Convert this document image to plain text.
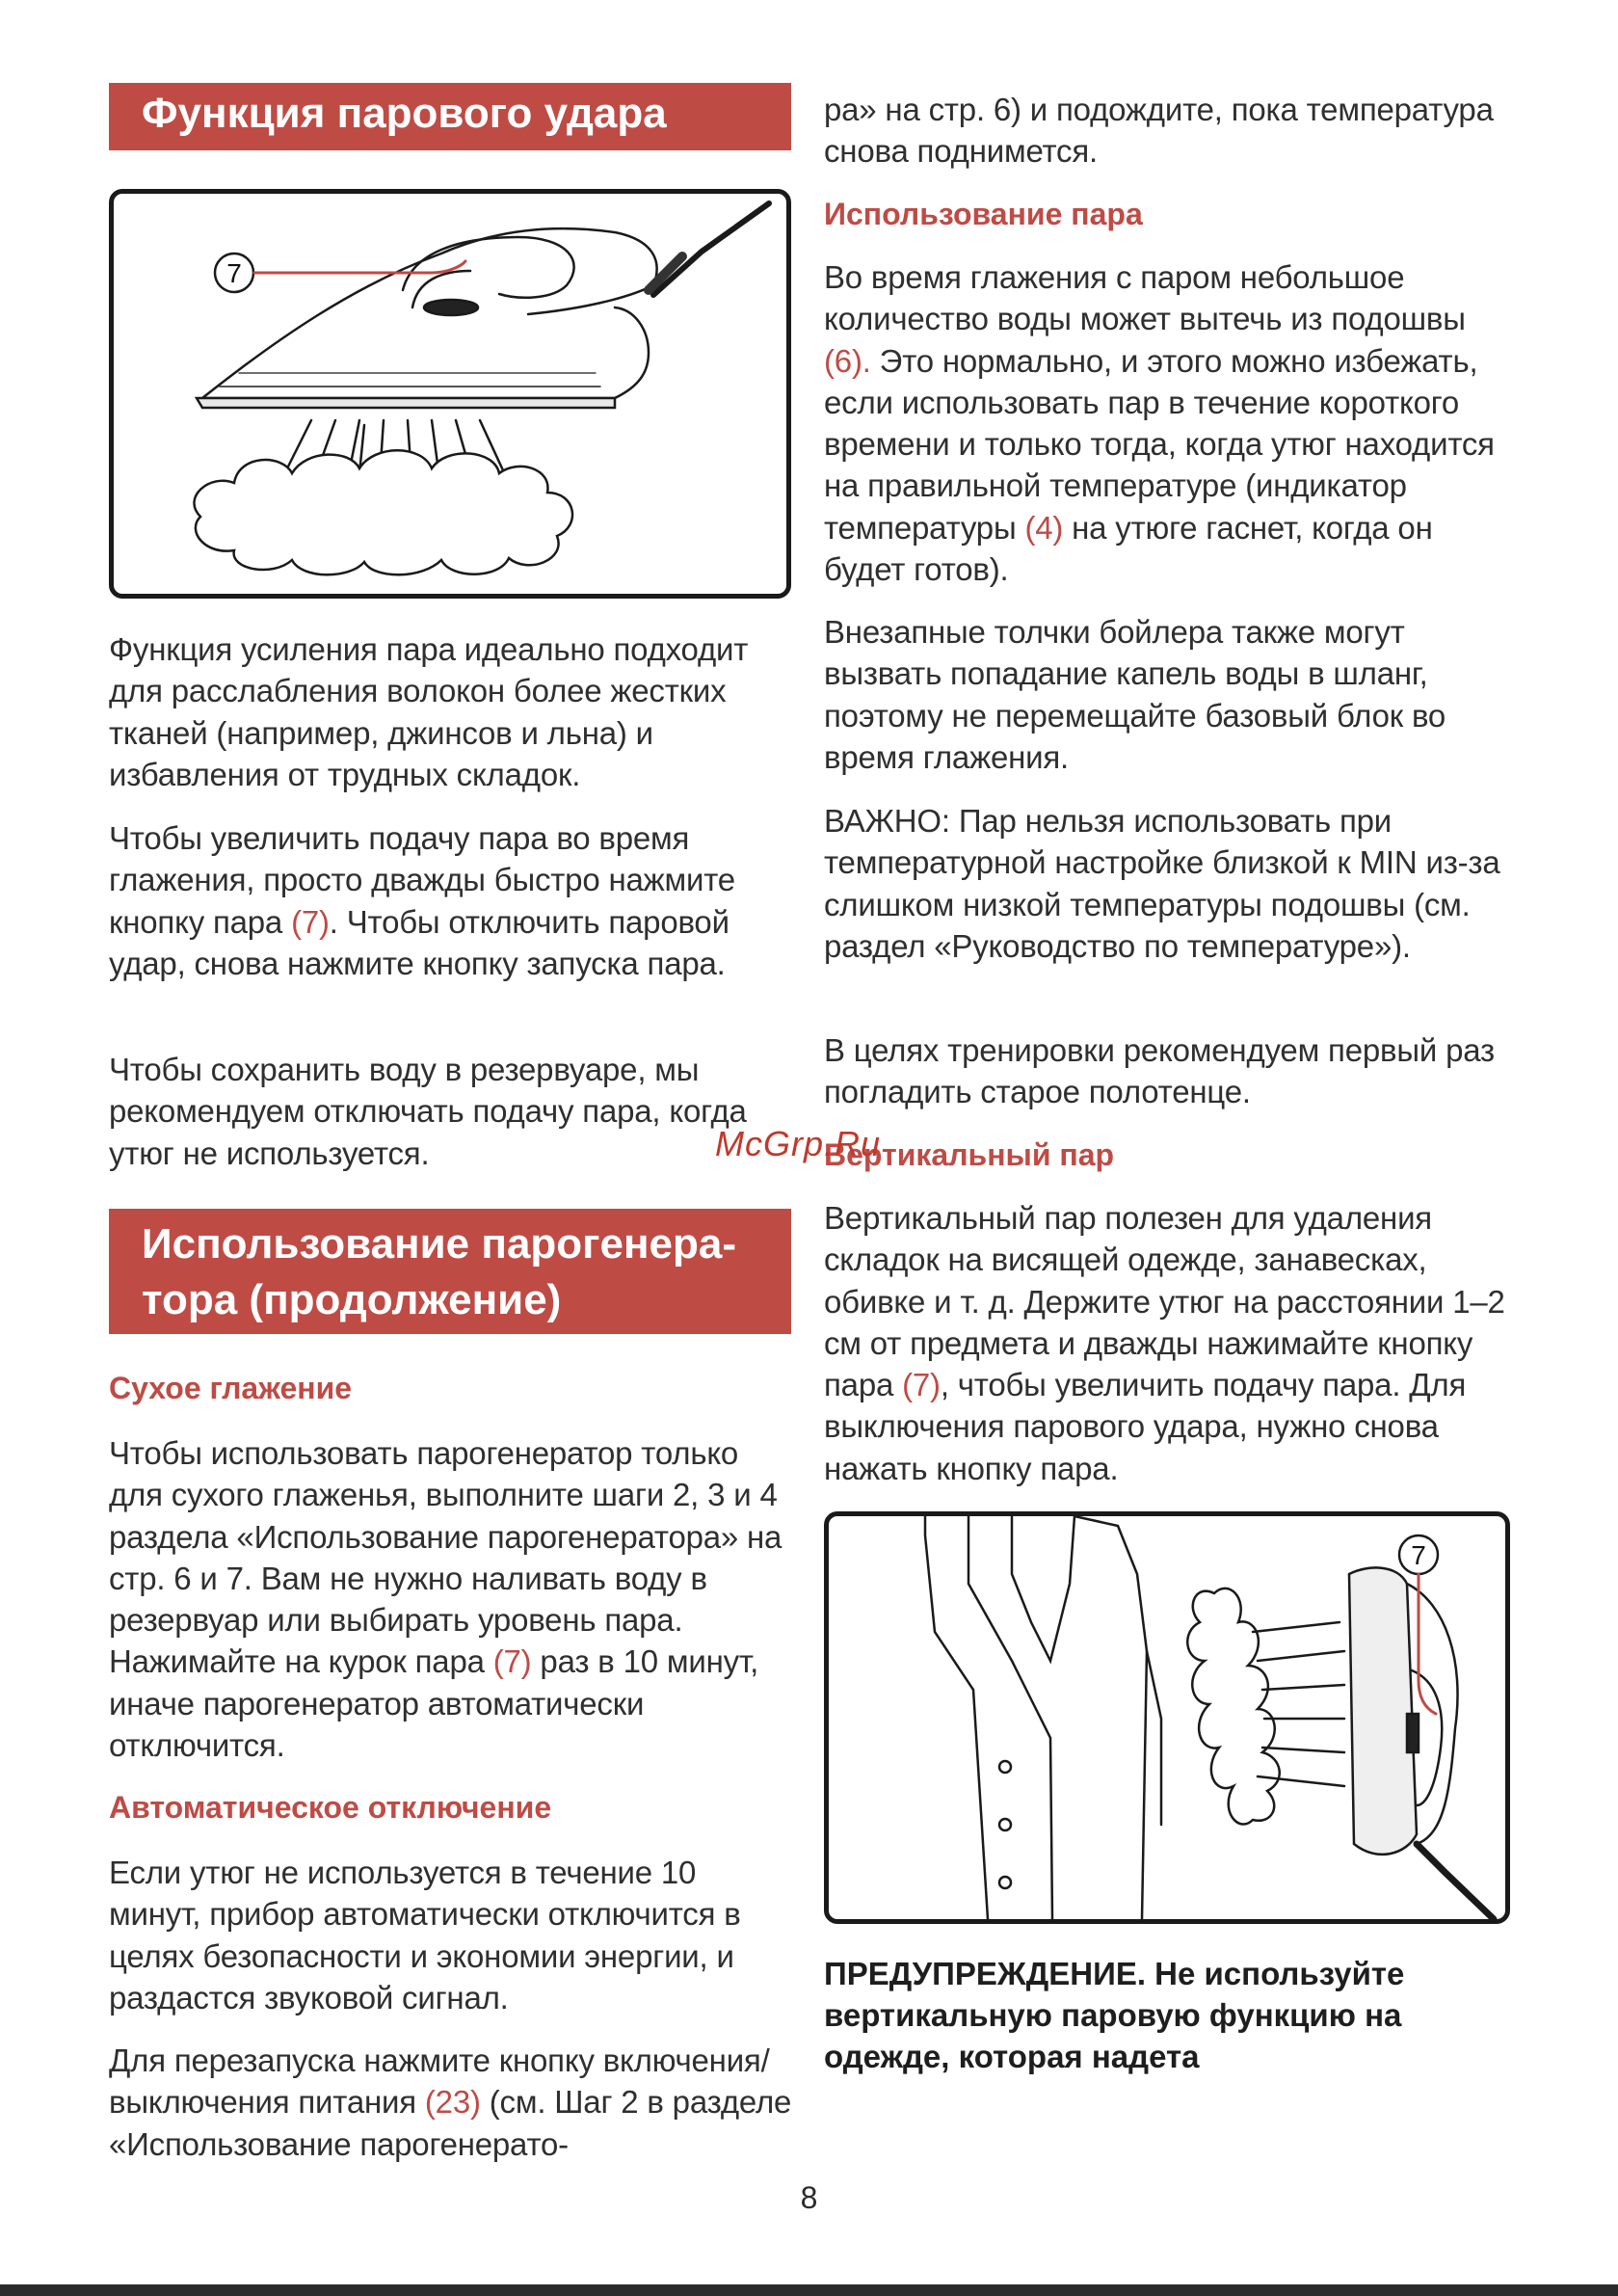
Функция парового удара
7

Функция усиления пара идеально подходит для расслабления волокон более жестких тканей (например, джинсов и льна) и избавления от трудных складок.

Чтобы увеличить подачу пара во время глажения, просто дважды быстро нажмите кнопку пара (7). Чтобы отключить паровой удар, снова нажмите кнопку запуска пара.

Чтобы сохранить воду в резервуаре, мы рекомендуем отключать подачу пара, когда утюг не используется.

Использование парогенера-
тора (продолжение)
Сухое глажение

Чтобы использовать парогенератор только для сухого глаженья, выполните шаги 2, 3 и 4 раздела «Использование парогенератора» на стр. 6 и 7. Вам не нужно наливать воду в резервуар или выбирать уровень пара. Нажимайте на курок пара (7) раз в 10 минут, иначе парогенератор автоматически отключится.

Автоматическое отключение

Если утюг не используется в течение 10 минут, прибор автоматически отключится в целях безопасности и экономии энергии, и раздастся звуковой сигнал.

Для перезапуска нажмите кнопку включения/выключения питания (23) (см. Шаг 2 в разделе «Использование парогенерато-

ра» на стр. 6) и подождите, пока температура снова поднимется.

Использование пара

Во время глажения с паром небольшое количество воды может вытечь из подошвы (6). Это нормально, и этого можно избежать, если использовать пар в течение короткого времени и только тогда, когда утюг находится на правильной температуре (индикатор температуры (4) на утюге гаснет, когда он будет готов).

Внезапные толчки бойлера также могут вызвать попадание капель воды в шланг, поэтому не перемещайте базовый блок во время глажения.

ВАЖНО: Пар нельзя использовать при температурной настройке близкой к MIN из-за слишком низкой температуры подошвы (см. раздел «Руководство по температуре»).

В целях тренировки рекомендуем первый раз погладить старое полотенце.

Вертикальный пар
McGrp.Ru

Вертикальный пар полезен для удаления складок на висящей одежде, занавесках, обивке и т. д. Держите утюг на расстоянии 1–2 см от предмета и дважды нажимайте кнопку пара (7), чтобы увеличить подачу пара. Для выключения парового удара, нужно снова нажать кнопку пара.

7

ПРЕДУПРЕЖДЕНИЕ. Не используйте вертикальную паровую функцию на одежде, которая надета

8
